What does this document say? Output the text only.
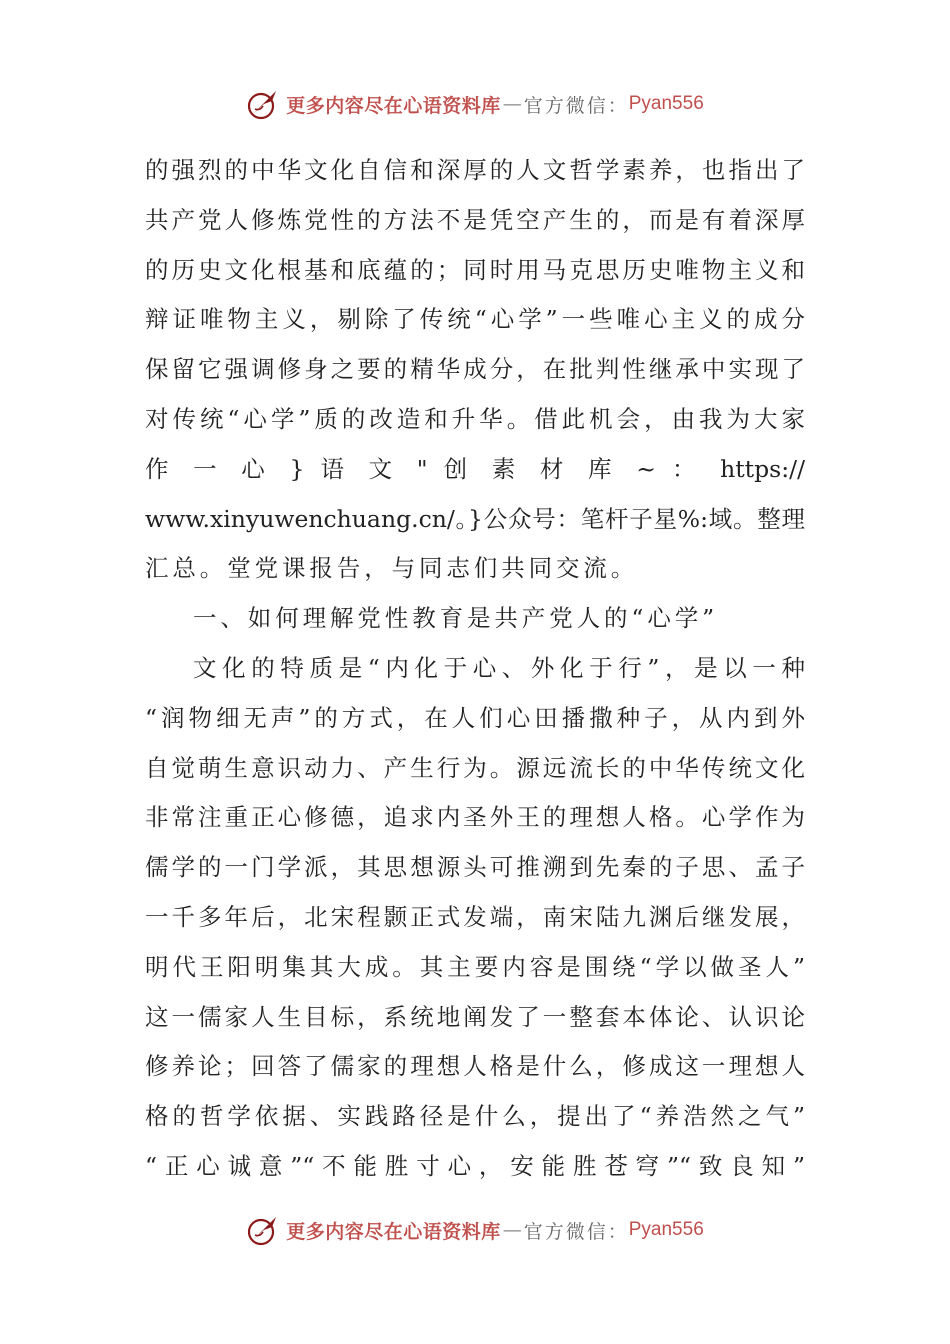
更多内容尽在心语资料库 — 官方微信： Pyan556
的强烈的中华文化自信和深厚的人文哲学素养，也指出了
共产党人修炼党性的方法不是凭空产生的，而是有着深厚
的历史文化根基和底蕴的；同时用马克思历史唯物主义和
辩证唯物主义，剔除了传统“心学”一些唯心主义的成分
保留它强调修身之要的精华成分，在批判性继承中实现了
对传统“心学”质的改造和升华。借此机会，由我为大家
作 一 心 } 语 文 " 创 素 材 库 ~ ： https://
www.xinyuwenchuang.cn/。}公众号：笔杆子星%:域。整理
汇总。堂党课报告，与同志们共同交流。
一、如何理解党性教育是共产党人的“心学”
文化的特质是“内化于心、外化于行”，是以一种
“润物细无声”的方式，在人们心田播撒种子，从内到外
自觉萌生意识动力、产生行为。源远流长的中华传统文化
非常注重正心修德，追求内圣外王的理想人格。心学作为
儒学的一门学派，其思想源头可推溯到先秦的子思、孟子
一千多年后，北宋程颢正式发端，南宋陆九渊后继发展，
明代王阳明集其大成。其主要内容是围绕“学以做圣人”
这一儒家人生目标，系统地阐发了一整套本体论、认识论
修养论；回答了儒家的理想人格是什么，修成这一理想人
格的哲学依据、实践路径是什么，提出了“养浩然之气”
“正心诚意”“不能胜寸心，安能胜苍穹”“致良知”
更多内容尽在心语资料库 — 官方微信： Pyan556
